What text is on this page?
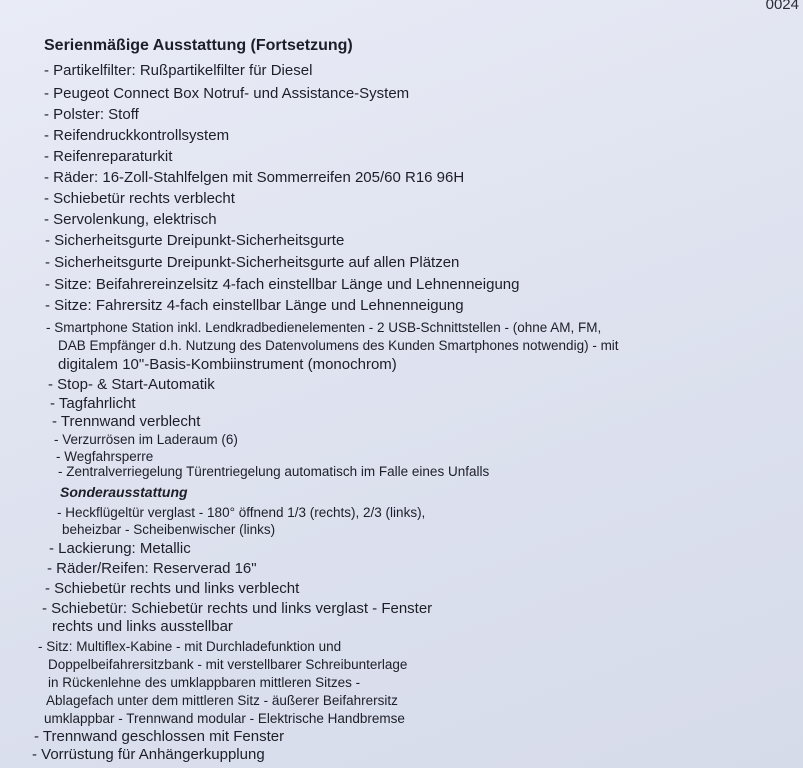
0024
Serienmäßige Ausstattung (Fortsetzung)
- Partikelfilter: Rußpartikelfilter für Diesel
- Peugeot Connect Box Notruf- und Assistance-System
- Polster: Stoff
- Reifendruckkontrollsystem
- Reifenreparaturkit
- Räder: 16-Zoll-Stahlfelgen mit Sommerreifen 205/60 R16 96H
- Schiebetür rechts verblecht
- Servolenkung, elektrisch
- Sicherheitsgurte Dreipunkt-Sicherheitsgurte
- Sicherheitsgurte Dreipunkt-Sicherheitsgurte auf allen Plätzen
- Sitze: Beifahrereinzelsitz 4-fach einstellbar Länge und Lehnenneigung
- Sitze: Fahrersitz 4-fach einstellbar Länge und Lehnenneigung
- Smartphone Station inkl. Lendkradbedienelementen - 2 USB-Schnittstellen - (ohne AM, FM,
DAB Empfänger d.h. Nutzung des Datenvolumens des Kunden Smartphones notwendig) - mit
digitalem 10"-Basis-Kombiinstrument (monochrom)
- Stop- & Start-Automatik
- Tagfahrlicht
- Trennwand verblecht
- Verzurrösen im Laderaum (6)
- Wegfahrsperre
- Zentralverriegelung Türentriegelung automatisch im Falle eines Unfalls
Sonderausstattung
- Heckflügeltür verglast - 180° öffnend 1/3 (rechts), 2/3 (links),
beheizbar - Scheibenwischer (links)
- Lackierung: Metallic
- Räder/Reifen: Reserverad 16"
- Schiebetür rechts und links verblecht
- Schiebetür: Schiebetür rechts und links verglast - Fenster
rechts und links ausstellbar
- Sitz: Multiflex-Kabine - mit Durchladefunktion und
Doppelbeifahrersitzbank - mit verstellbarer Schreibunterlage
in Rückenlehne des umklappbaren mittleren Sitzes -
Ablagefach unter dem mittleren Sitz - äußerer Beifahrersitz
umklappbar - Trennwand modular - Elektrische Handbremse
- Trennwand geschlossen mit Fenster
- Vorrüstung für Anhängerkupplung
